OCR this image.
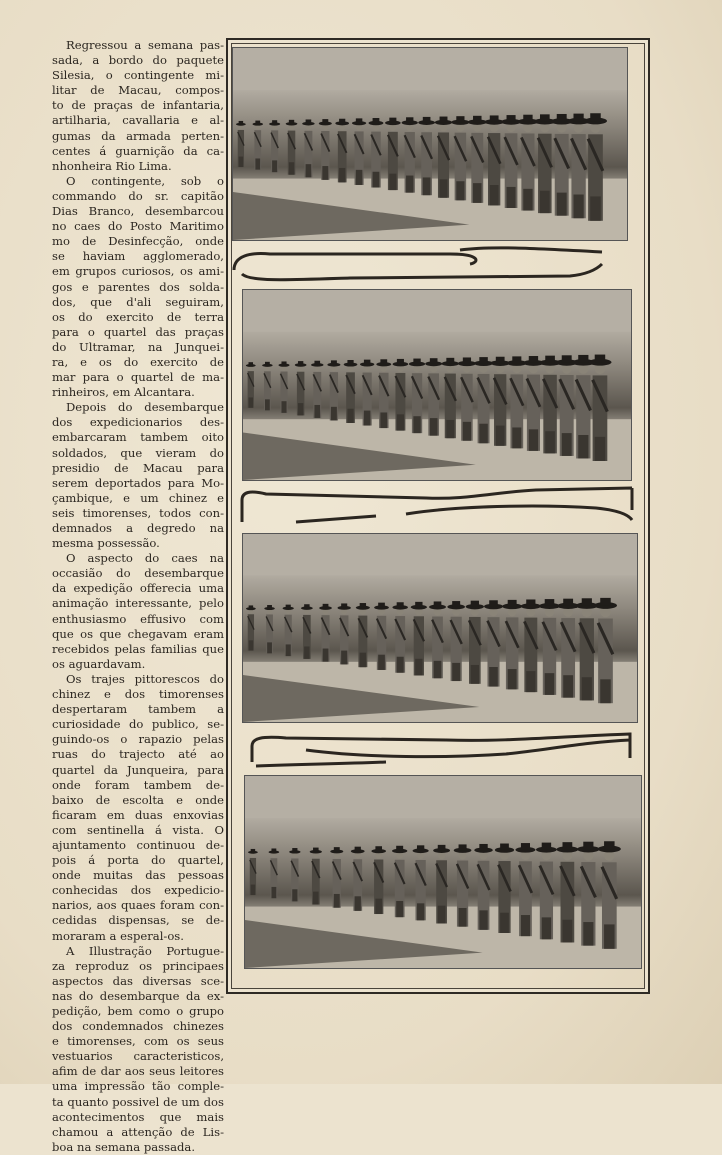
Regressou a semana pas-
sada, a bordo do paquete
Silesia, o contingente mi-
litar de Macau, compos-
to de praças de infantaria,
artilharia, cavallaria e al-
gumas da armada perten-
centes á guarnição da ca-
nhonheira Rio Lima.
O contingente, sob o
commando do sr. capitão
Dias Branco, desembarcou
no caes do Posto Maritimo
mo de Desinfecção, onde
se haviam agglomerado,
em grupos curiosos, os ami-
gos e parentes dos solda-
dos, que d'ali seguiram,
os do exercito de terra
para o quartel das praças
do Ultramar, na Junquei-
ra, e os do exercito de
mar para o quartel de ma-
rinheiros, em Alcantara.
Depois do desembarque
dos expedicionarios des-
embarcaram tambem oito
soldados, que vieram do
presidio de Macau para
serem deportados para Mo-
çambique, e um chinez e
seis timorenses, todos con-
demnados a degredo na
mesma possessão.
O aspecto do caes na
occasião do desembarque
da expedição offerecia uma
animação interessante, pelo
enthusiasmo effusivo com
que os que chegavam eram
recebidos pelas familias que
os aguardavam.
Os trajes pittorescos do
chinez e dos timorenses
despertaram tambem a
curiosidade do publico, se-
guindo-os o rapazio pelas
ruas do trajecto até ao
quartel da Junqueira, para
onde foram tambem de-
baixo de escolta e onde
ficaram em duas enxovias
com sentinella á vista. O
ajuntamento continuou de-
pois á porta do quartel,
onde muitas das pessoas
conhecidas dos expedicio-
narios, aos quaes foram con-
cedidas dispensas, se de-
moraram a esperal-os.
A Illustração Portugue-
za reproduz os principaes
aspectos das diversas sce-
nas do desembarque da ex-
pedição, bem como o grupo
dos condemnados chinezes
e timorenses, com os seus
vestuarios caracteristicos,
afim de dar aos seus leitores
uma impressão tão comple-
ta quanto possivel de um dos
acontecimentos que mais
chamou a attenção de Lis-
boa na semana passada.
